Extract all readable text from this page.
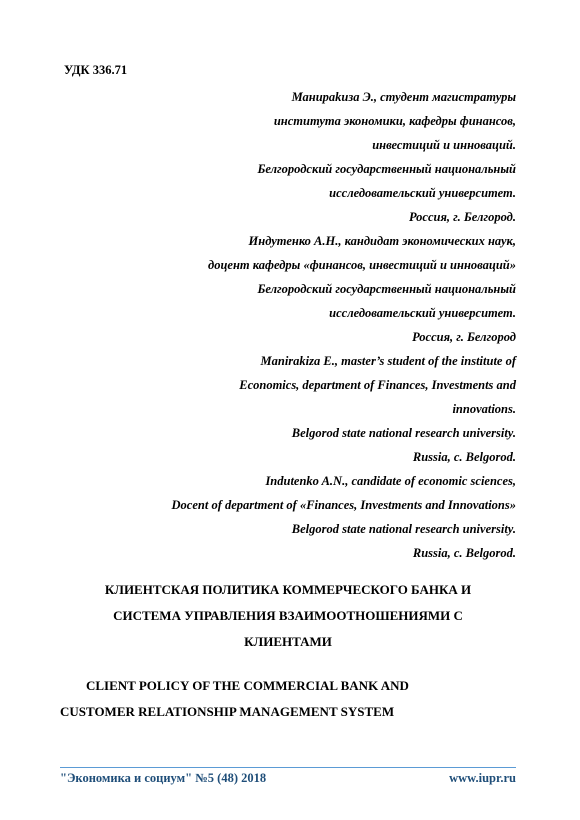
УДК 336.71
Манираkиза Э., студент магистратуры
института экономики, кафедры финансов,
инвестиций и инноваций.
Белгородский государственный национальный
исследовательский университет.
Россия, г. Белгород.
Индутенко А.Н., кандидат экономических наук,
доцент кафедры «финансов, инвестиций и инноваций»
Белгородский государственный национальный
исследовательский университет.
Россия, г. Белгород
Manirakiza E., master’s student of the institute of
Economics, department of Finances, Investments and
innovations.
Belgorod state national research university.
Russia, c. Belgorod.
Indutenko A.N., candidate of economic sciences,
Docent of department of «Finances, Investments and Innovations»
Belgorod state national research university.
Russia, c. Belgorod.
КЛИЕНТСКАЯ ПОЛИТИКА КОММЕРЧЕСКОГО БАНКА И
СИСТЕМА УПРАВЛЕНИЯ ВЗАИМООТНОШЕНИЯМИ С
КЛИЕНТАМИ
CLIENT POLICY OF THE COMMERCIAL BANK AND
CUSTOMER RELATIONSHIP MANAGEMENT SYSTEM
"Экономика и социум" №5 (48) 2018	www.iupr.ru
